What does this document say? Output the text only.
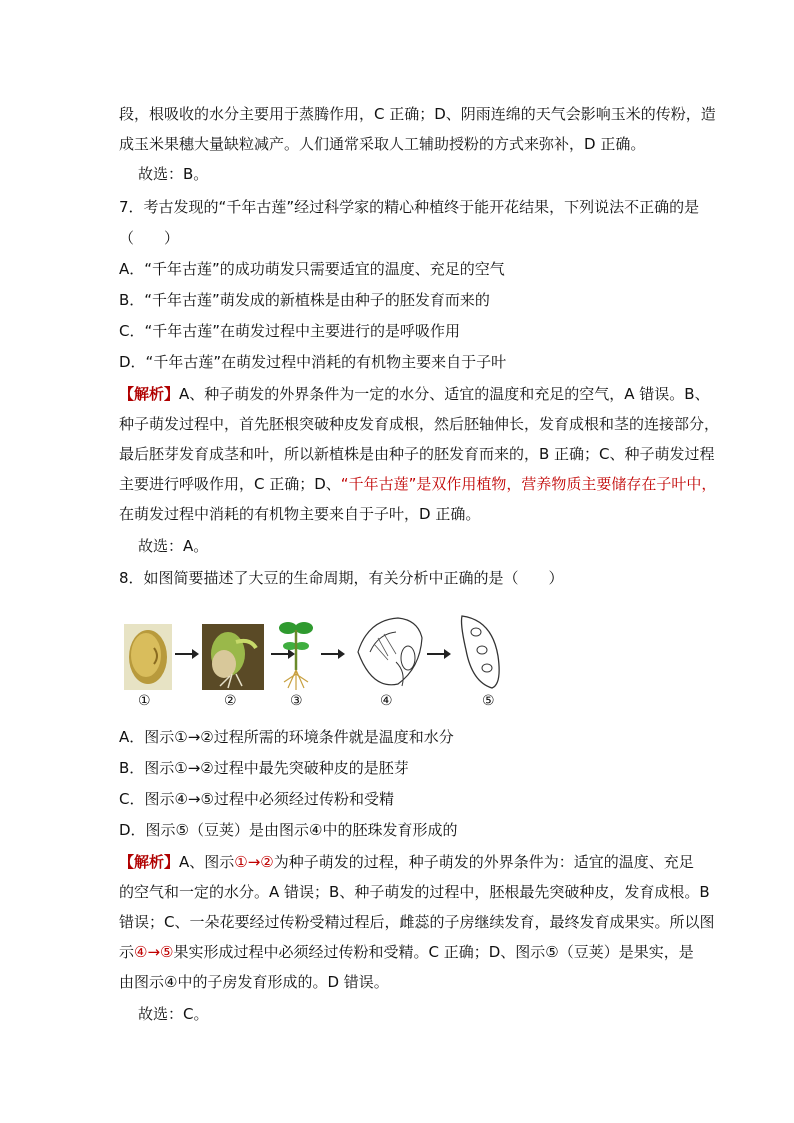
段，根吸收的水分主要用于蒸腾作用，C 正确；D、阴雨连绵的天气会影响玉米的传粉，造
成玉米果穗大量缺粒减产。人们通常采取人工辅助授粉的方式来弥补，D 正确。
故选：B。
7．考古发现的“千年古莲”经过科学家的精心种植终于能开花结果，下列说法不正确的是
（　　）
A．“千年古莲”的成功萌发只需要适宜的温度、充足的空气
B．“千年古莲”萌发成的新植株是由种子的胚发育而来的
C．“千年古莲”在萌发过程中主要进行的是呼吸作用
D．“千年古莲”在萌发过程中消耗的有机物主要来自于子叶
【解析】A、种子萌发的外界条件为一定的水分、适宜的温度和充足的空气，A 错误。B、
种子萌发过程中，首先胚根突破种皮发育成根，然后胚轴伸长，发育成根和茎的连接部分，
最后胚芽发育成茎和叶，所以新植株是由种子的胚发育而来的，B 正确；C、种子萌发过程
主要进行呼吸作用，C 正确；D、“千年古莲”是双作用植物，营养物质主要储存在子叶中，
在萌发过程中消耗的有机物主要来自于子叶，D 正确。
故选：A。
8．如图简要描述了大豆的生命周期，有关分析中正确的是（　　）
①	②	③	④	⑤
A．图示①→②过程所需的环境条件就是温度和水分
B．图示①→②过程中最先突破种皮的是胚芽
C．图示④→⑤过程中必须经过传粉和受精
D．图示⑤（豆荚）是由图示④中的胚珠发育形成的
【解析】A、图示①→②为种子萌发的过程，种子萌发的外界条件为：适宜的温度、充足
的空气和一定的水分。A 错误；B、种子萌发的过程中，胚根最先突破种皮，发育成根。B
错误；C、一朵花要经过传粉受精过程后，雌蕊的子房继续发育，最终发育成果实。所以图
示④→⑤果实形成过程中必须经过传粉和受精。C 正确；D、图示⑤（豆荚）是果实，是
由图示④中的子房发育形成的。D 错误。
故选：C。
